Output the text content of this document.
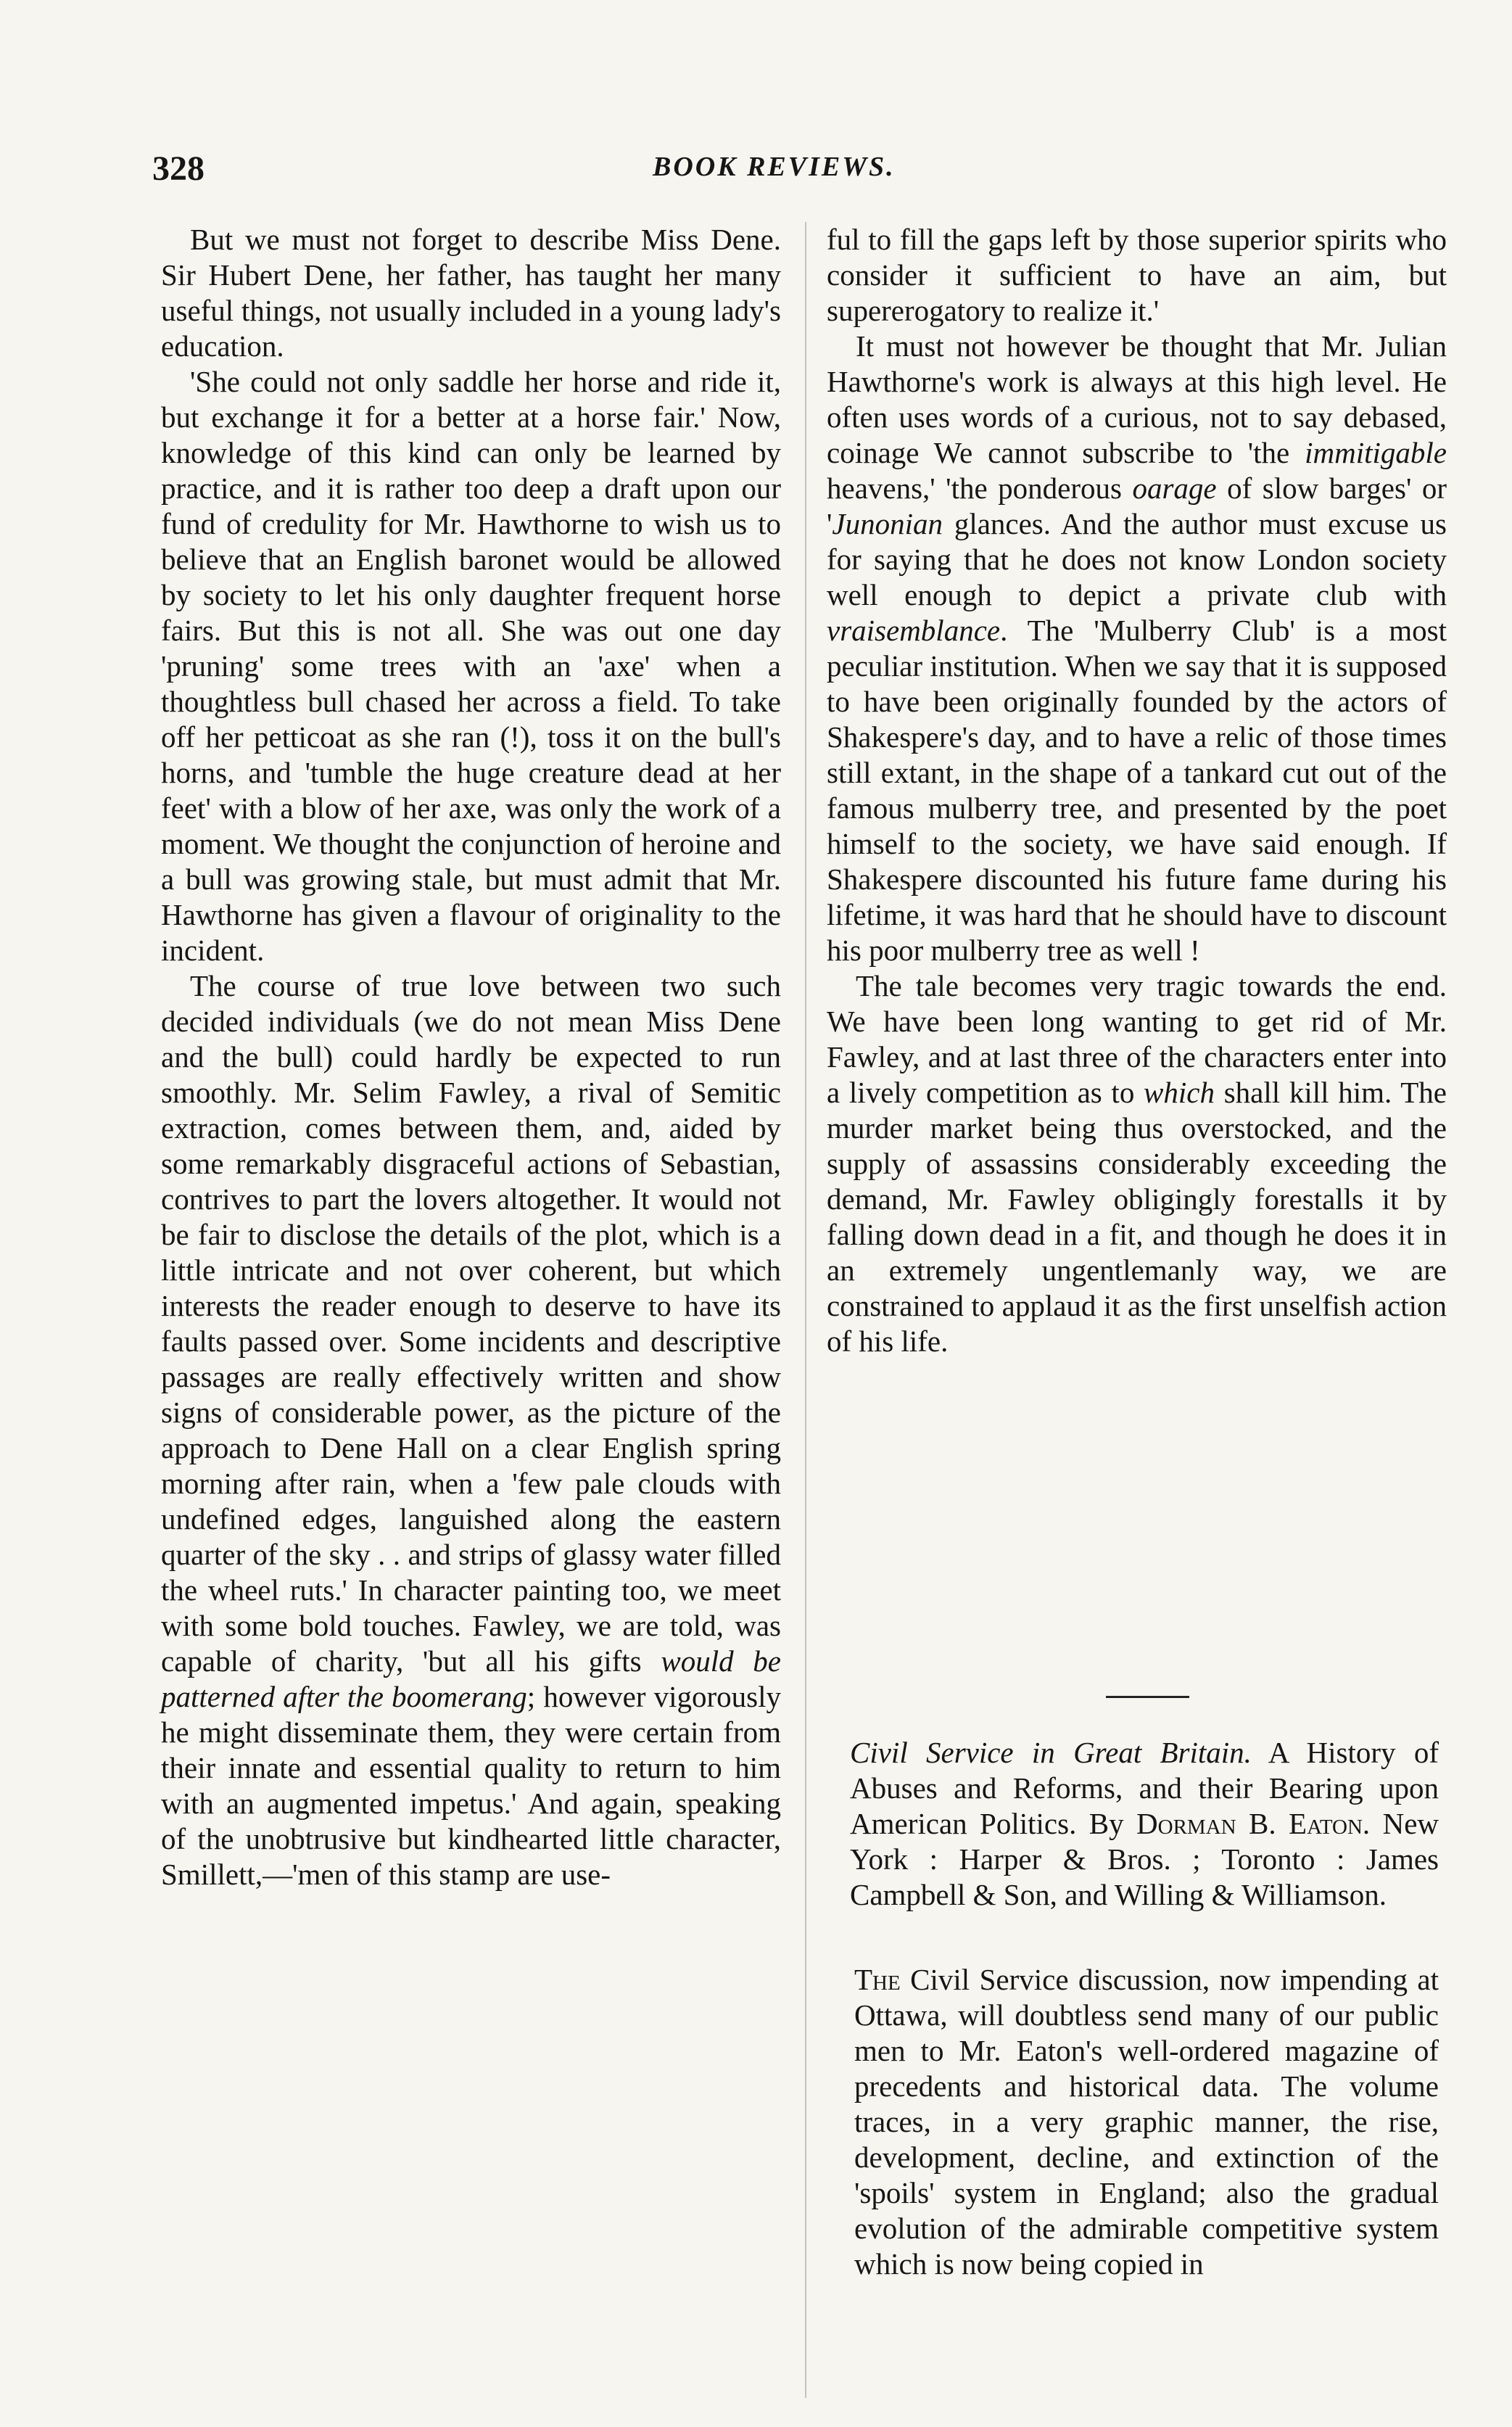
328	BOOK REVIEWS.

But we must not forget to describe Miss Dene. Sir Hubert Dene, her father, has taught her many useful things, not usually included in a young lady's education.

'She could not only saddle her horse and ride it, but exchange it for a better at a horse fair.' Now, knowledge of this kind can only be learned by practice, and it is rather too deep a draft upon our fund of credulity for Mr. Hawthorne to wish us to believe that an English baronet would be allowed by society to let his only daughter frequent horse fairs. But this is not all. She was out one day 'pruning' some trees with an 'axe' when a thoughtless bull chased her across a field. To take off her petticoat as she ran (!), toss it on the bull's horns, and 'tumble the huge creature dead at her feet' with a blow of her axe, was only the work of a moment. We thought the conjunction of heroine and a bull was growing stale, but must admit that Mr. Hawthorne has given a flavour of originality to the incident.

The course of true love between two such decided individuals (we do not mean Miss Dene and the bull) could hardly be expected to run smoothly. Mr. Selim Fawley, a rival of Semitic extraction, comes between them, and, aided by some remarkably disgraceful actions of Sebastian, contrives to part the lovers altogether. It would not be fair to disclose the details of the plot, which is a little intricate and not over coherent, but which interests the reader enough to deserve to have its faults passed over. Some incidents and descriptive passages are really effectively written and show signs of considerable power, as the picture of the approach to Dene Hall on a clear English spring morning after rain, when a 'few pale clouds with undefined edges, languished along the eastern quarter of the sky . . and strips of glassy water filled the wheel ruts.' In character painting too, we meet with some bold touches. Fawley, we are told, was capable of charity, 'but all his gifts would be patterned after the boomerang; however vigorously he might disseminate them, they were certain from their innate and essential quality to return to him with an augmented impetus.' And again, speaking of the unobtrusive but kindhearted little character, Smillett,—'men of this stamp are use-

ful to fill the gaps left by those superior spirits who consider it sufficient to have an aim, but supererogatory to realize it.'

It must not however be thought that Mr. Julian Hawthorne's work is always at this high level. He often uses words of a curious, not to say debased, coinage We cannot subscribe to 'the immitigable heavens,' 'the ponderous oarage of slow barges' or 'Junonian glances. And the author must excuse us for saying that he does not know London society well enough to depict a private club with vraisemblance. The 'Mulberry Club' is a most peculiar institution. When we say that it is supposed to have been originally founded by the actors of Shakespere's day, and to have a relic of those times still extant, in the shape of a tankard cut out of the famous mulberry tree, and presented by the poet himself to the society, we have said enough. If Shakespere discounted his future fame during his lifetime, it was hard that he should have to discount his poor mulberry tree as well !

The tale becomes very tragic towards the end. We have been long wanting to get rid of Mr. Fawley, and at last three of the characters enter into a lively competition as to which shall kill him. The murder market being thus overstocked, and the supply of assassins considerably exceeding the demand, Mr. Fawley obligingly forestalls it by falling down dead in a fit, and though he does it in an extremely ungentlemanly way, we are constrained to applaud it as the first unselfish action of his life.

Civil Service in Great Britain. A History of Abuses and Reforms, and their Bearing upon American Politics. By Dorman B. Eaton. New York : Harper & Bros. ; Toronto : James Campbell & Son, and Willing & Williamson.
The Civil Service discussion, now impending at Ottawa, will doubtless send many of our public men to Mr. Eaton's well-ordered magazine of precedents and historical data. The volume traces, in a very graphic manner, the rise, development, decline, and extinction of the 'spoils' system in England; also the gradual evolution of the admirable competitive system which is now being copied in
